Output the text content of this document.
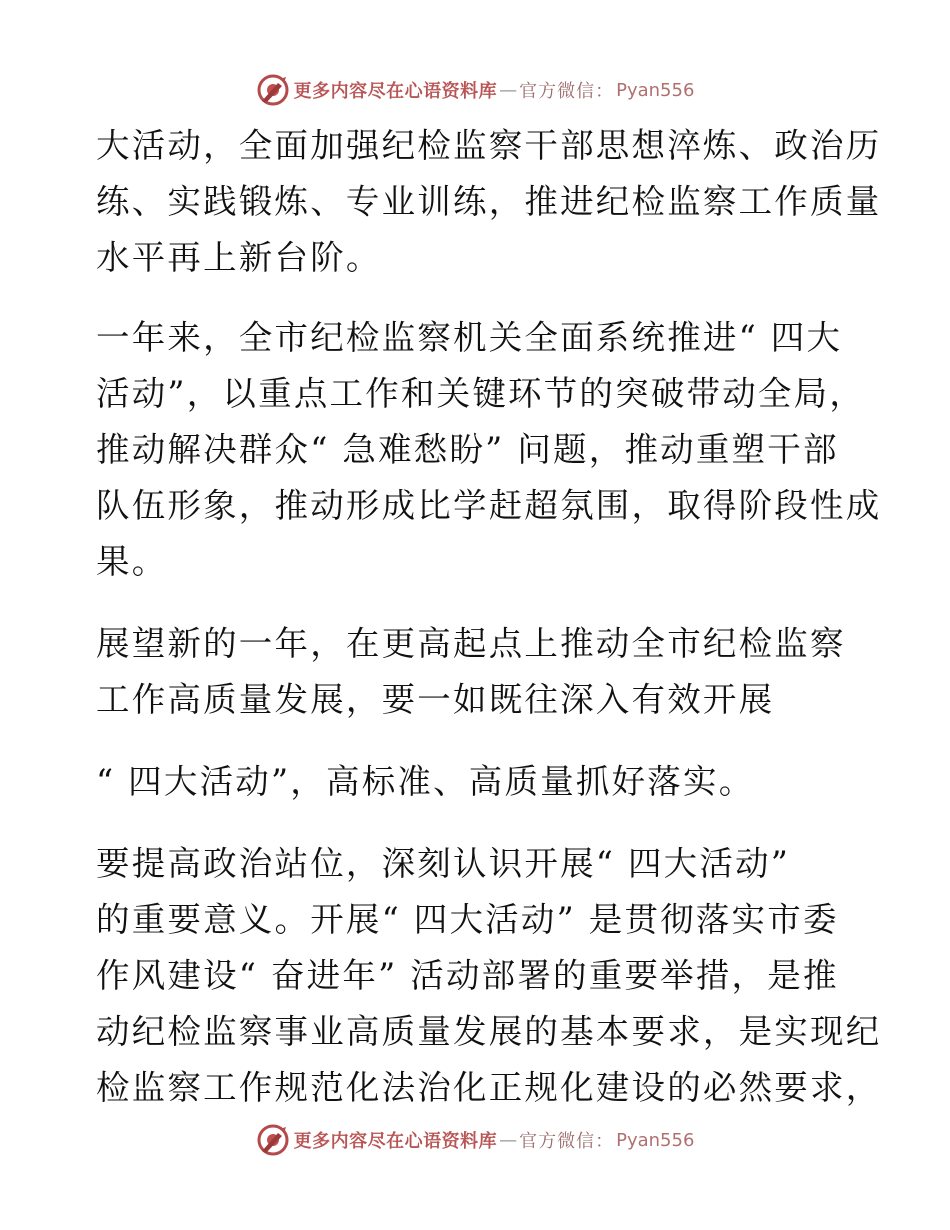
更多内容尽在心语资料库 — 官方微信： Pyan556
大活动，全面加强纪检监察干部思想淬炼、政治历
练、实践锻炼、专业训练，推进纪检监察工作质量
水平再上新台阶。
一年来，全市纪检监察机关全面系统推进“ 四大
活动”，以重点工作和关键环节的突破带动全局，
推动解决群众“ 急难愁盼” 问题，推动重塑干部
队伍形象，推动形成比学赶超氛围，取得阶段性成
果。
展望新的一年，在更高起点上推动全市纪检监察
工作高质量发展，要一如既往深入有效开展
“ 四大活动”，高标准、高质量抓好落实。
要提高政治站位，深刻认识开展“ 四大活动”
的重要意义。开展“ 四大活动” 是贯彻落实市委
作风建设“ 奋进年” 活动部署的重要举措，是推
动纪检监察事业高质量发展的基本要求，是实现纪
检监察工作规范化法治化正规化建设的必然要求，
更多内容尽在心语资料库 — 官方微信： Pyan556
